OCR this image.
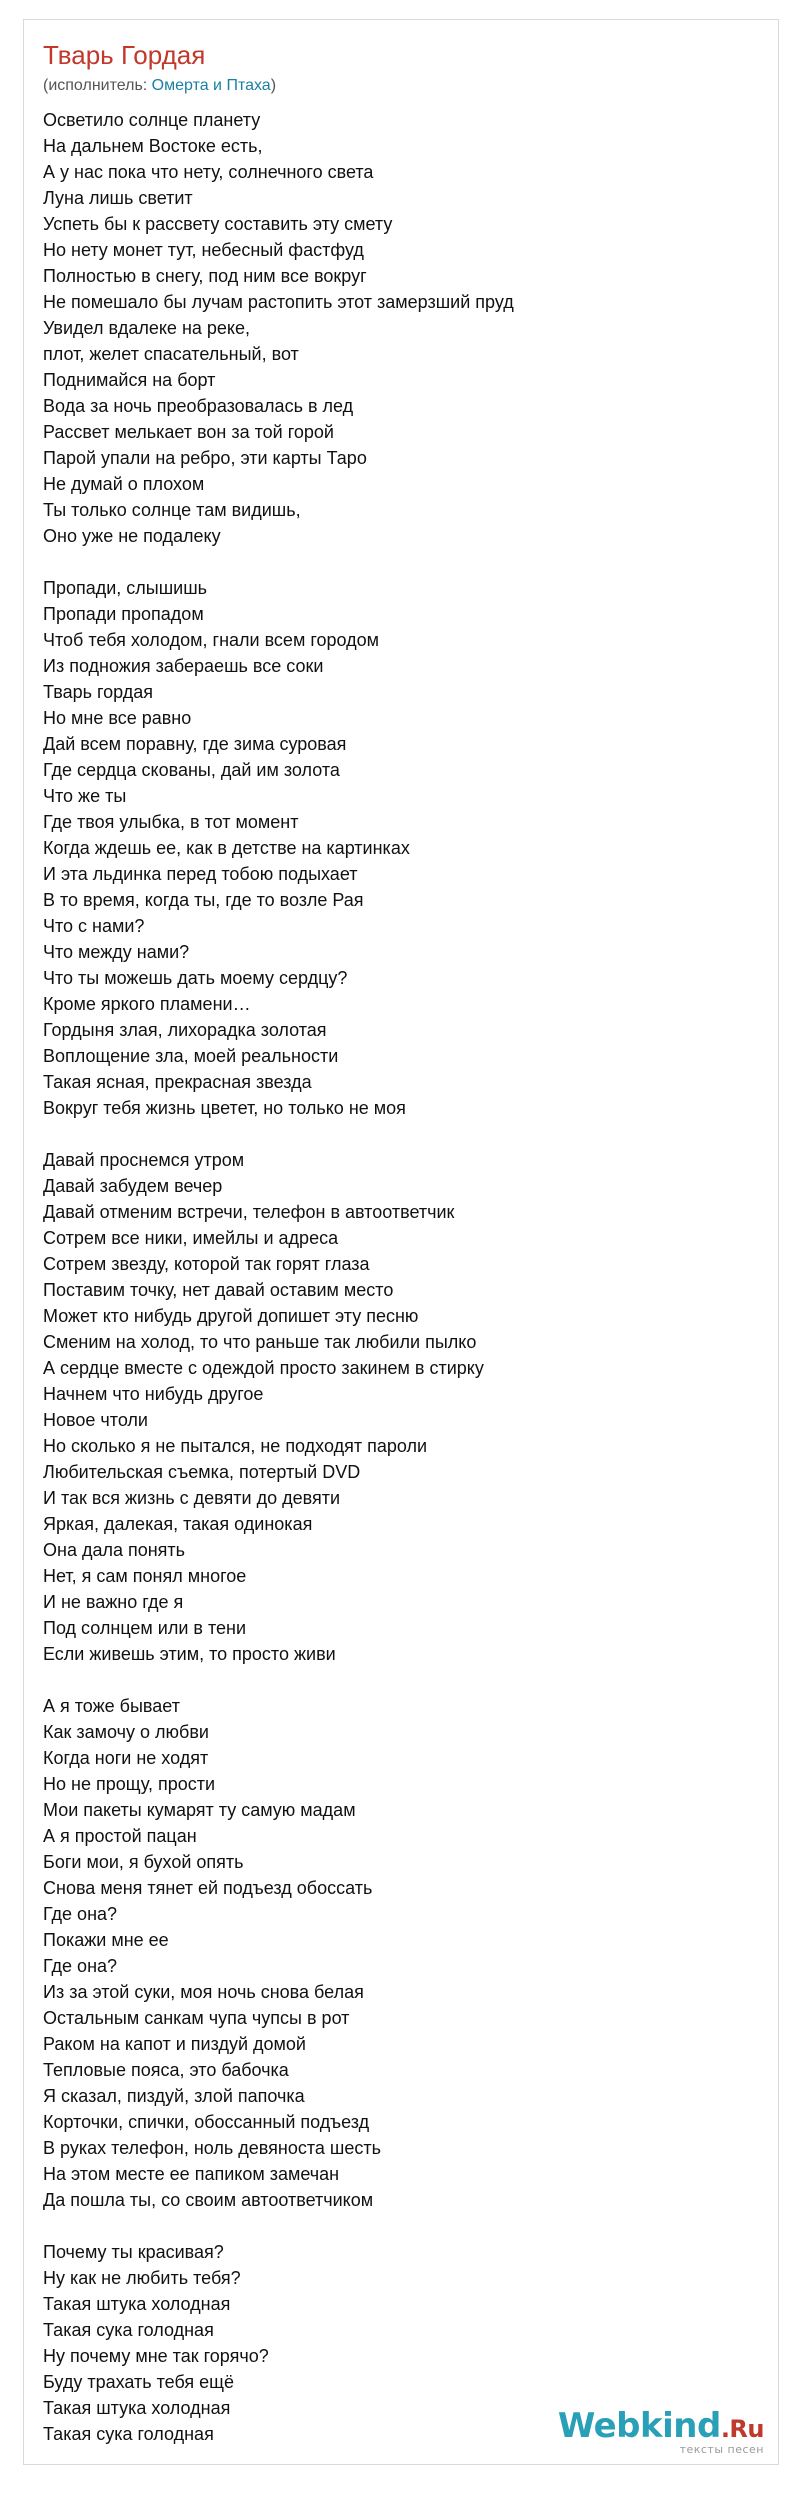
Тварь Гордая
(исполнитель: Омерта и Птаха)
Осветило солнце планету
На дальнем Востоке есть,
А у нас пока что нету, солнечного света
Луна лишь светит
Успеть бы к рассвету составить эту смету
Но нету монет тут, небесный фастфуд
Полностью в снегу, под ним все вокруг
Не помешало бы лучам растопить этот замерзший пруд
Увидел вдалеке на реке,
плот, желет спасательный, вот
Поднимайся на борт
Вода за ночь преобразовалась в лед
Рассвет мелькает вон за той горой
Парой упали на ребро, эти карты Таро
Не думай о плохом
Ты только солнце там видишь,
Оно уже не подалеку
Пропади, слышишь
Пропади пропадом
Чтоб тебя холодом, гнали всем городом
Из подножия забераешь все соки
Тварь гордая
Но мне все равно
Дай всем поравну, где зима суровая
Где сердца скованы, дай им золота
Что же ты
Где твоя улыбка, в тот момент
Когда ждешь ее, как в детстве на картинках
И эта льдинка перед тобою подыхает
В то время, когда ты, где то возле Рая
Что с нами?
Что между нами?
Что ты можешь дать моему сердцу?
Кроме яркого пламени…
Гордыня злая, лихорадка золотая
Воплощение зла, моей реальности
Такая ясная, прекрасная звезда
Вокруг тебя жизнь цветет, но только не моя
Давай проснемся утром
Давай забудем вечер
Давай отменим встречи, телефон в автоответчик
Сотрем все ники, имейлы и адреса
Сотрем звезду, которой так горят глаза
Поставим точку, нет давай оставим место
Может кто нибудь другой допишет эту песню
Сменим на холод, то что раньше так любили пылко
А сердце вместе с одеждой просто закинем в стирку
Начнем что нибудь другое
Новое чтоли
Но сколько я не пытался, не подходят пароли
Любительская съемка, потертый DVD
И так вся жизнь с девяти до девяти
Яркая, далекая, такая одинокая
Она дала понять
Нет, я сам понял многое
И не важно где я
Под солнцем или в тени
Если живешь этим, то просто живи
А я тоже бывает
Как замочу о любви
Когда ноги не ходят
Но не прощу, прости
Мои пакеты кумарят ту самую мадам
А я простой пацан
Боги мои, я бухой опять
Снова меня тянет ей подъезд обоссать
Где она?
Покажи мне ее
Где она?
Из за этой суки, моя ночь снова белая
Остальным санкам чупа чупсы в рот
Раком на капот и пиздуй домой
Тепловые пояса, это бабочка
Я сказал, пиздуй, злой папочка
Корточки, спички, обоссанный подъезд
В руках телефон, ноль девяноста шесть
На этом месте ее папиком замечан
Да пошла ты, со своим автоответчиком
Почему ты красивая?
Ну как не любить тебя?
Такая штука холодная
Такая сука голодная
Ну почему мне так горячо?
Буду трахать тебя ещё
Такая штука холодная
Такая сука голодная	Webkind.Ru
тексты песен
